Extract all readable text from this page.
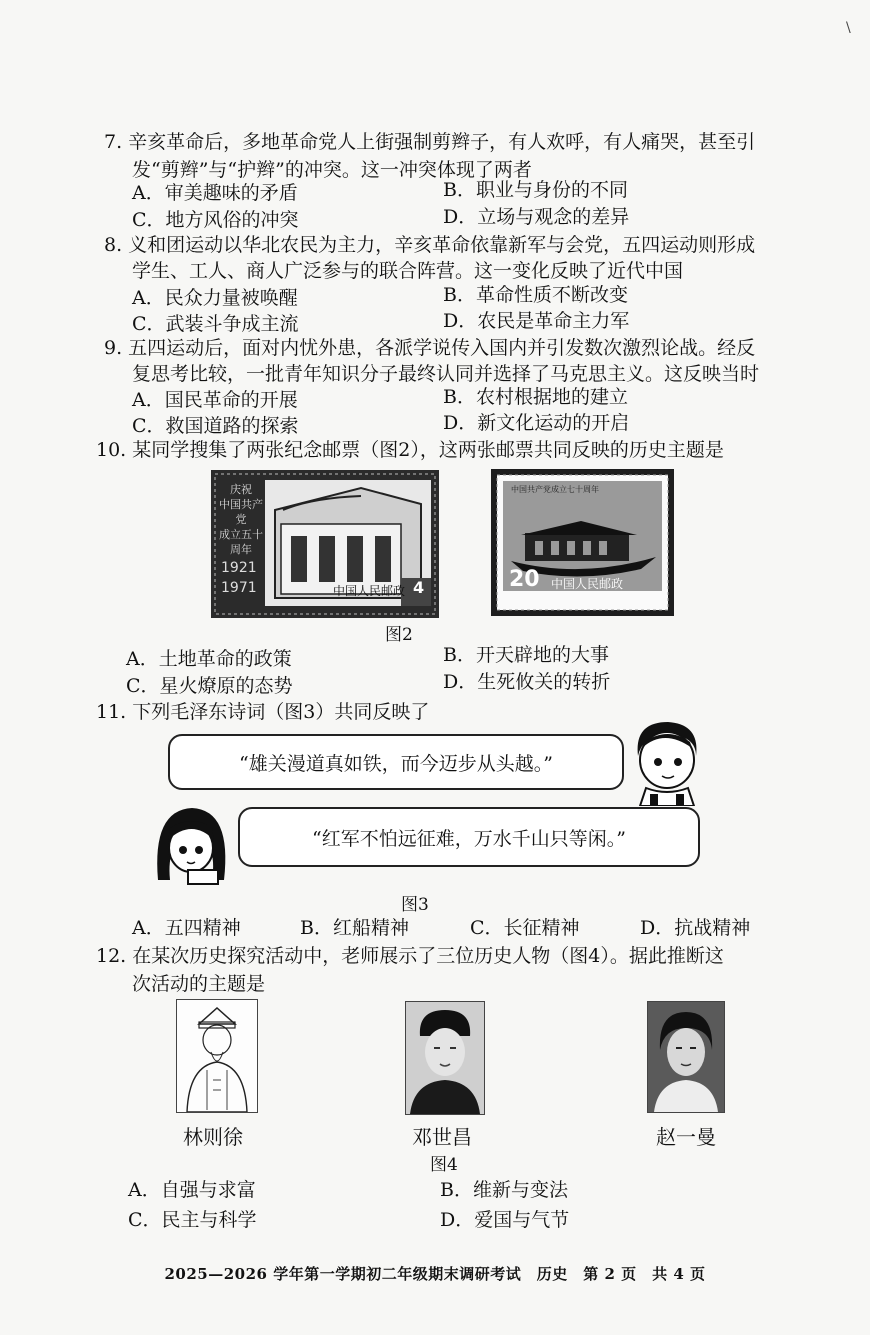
\
7. 辛亥革命后，多地革命党人上街强制剪辫子，有人欢呼，有人痛哭，甚至引
发“剪辫”与“护辫”的冲突。这一冲突体现了两者
A．审美趣味的矛盾	B．职业与身份的不同
C．地方风俗的冲突	D．立场与观念的差异
8. 义和团运动以华北农民为主力，辛亥革命依靠新军与会党，五四运动则形成
学生、工人、商人广泛参与的联合阵营。这一变化反映了近代中国
A．民众力量被唤醒	B．革命性质不断改变
C．武装斗争成主流	D．农民是革命主力军
9. 五四运动后，面对内忧外患，各派学说传入国内并引发数次激烈论战。经反
复思考比较，一批青年知识分子最终认同并选择了马克思主义。这反映当时
A．国民革命的开展	B．农村根据地的建立
C．救国道路的探索	D．新文化运动的开启
10. 某同学搜集了两张纪念邮票（图2），这两张邮票共同反映的历史主题是
庆祝
中国共产党
成立五十周年
1921
1971	中国人民邮政 4
中国共产党成立七十周年
20 中国人民邮政
图2
A．土地革命的政策	B．开天辟地的大事
C．星火燎原的态势	D．生死攸关的转折
11. 下列毛泽东诗词（图3）共同反映了
“雄关漫道真如铁，而今迈步从头越。”
“红军不怕远征难，万水千山只等闲。”
图3
A．五四精神	B．红船精神	C．长征精神	D．抗战精神
12. 在某次历史探究活动中，老师展示了三位历史人物（图4）。据此推断这
次活动的主题是
林则徐	邓世昌	赵一曼
图4
A．自强与求富	B．维新与变法
C．民主与科学	D．爱国与气节
2025—2026 学年第一学期初二年级期末调研考试　历史　第 2 页　共 4 页
